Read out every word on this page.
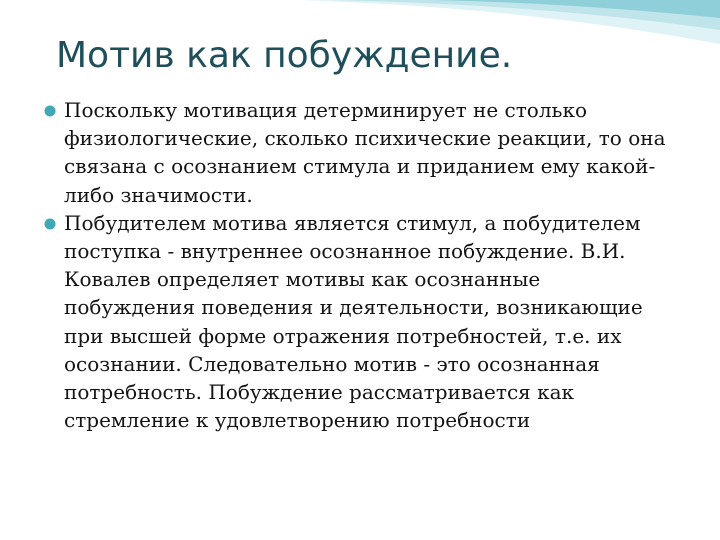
Мотив как побуждение.
Поскольку мотивация детерминирует не столько физиологические, сколько психические реакции, то она связана с осознанием стимула и приданием ему какой-либо значимости.
Побудителем мотива является стимул, а побудителем поступка - внутреннее осознанное побуждение. В.И. Ковалев определяет мотивы как осознанные побуждения поведения и деятельности, возникающие при высшей форме отражения потребностей, т.е. их осознании. Следовательно мотив - это осознанная потребность. Побуждение рассматривается как стремление к удовлетворению потребности
